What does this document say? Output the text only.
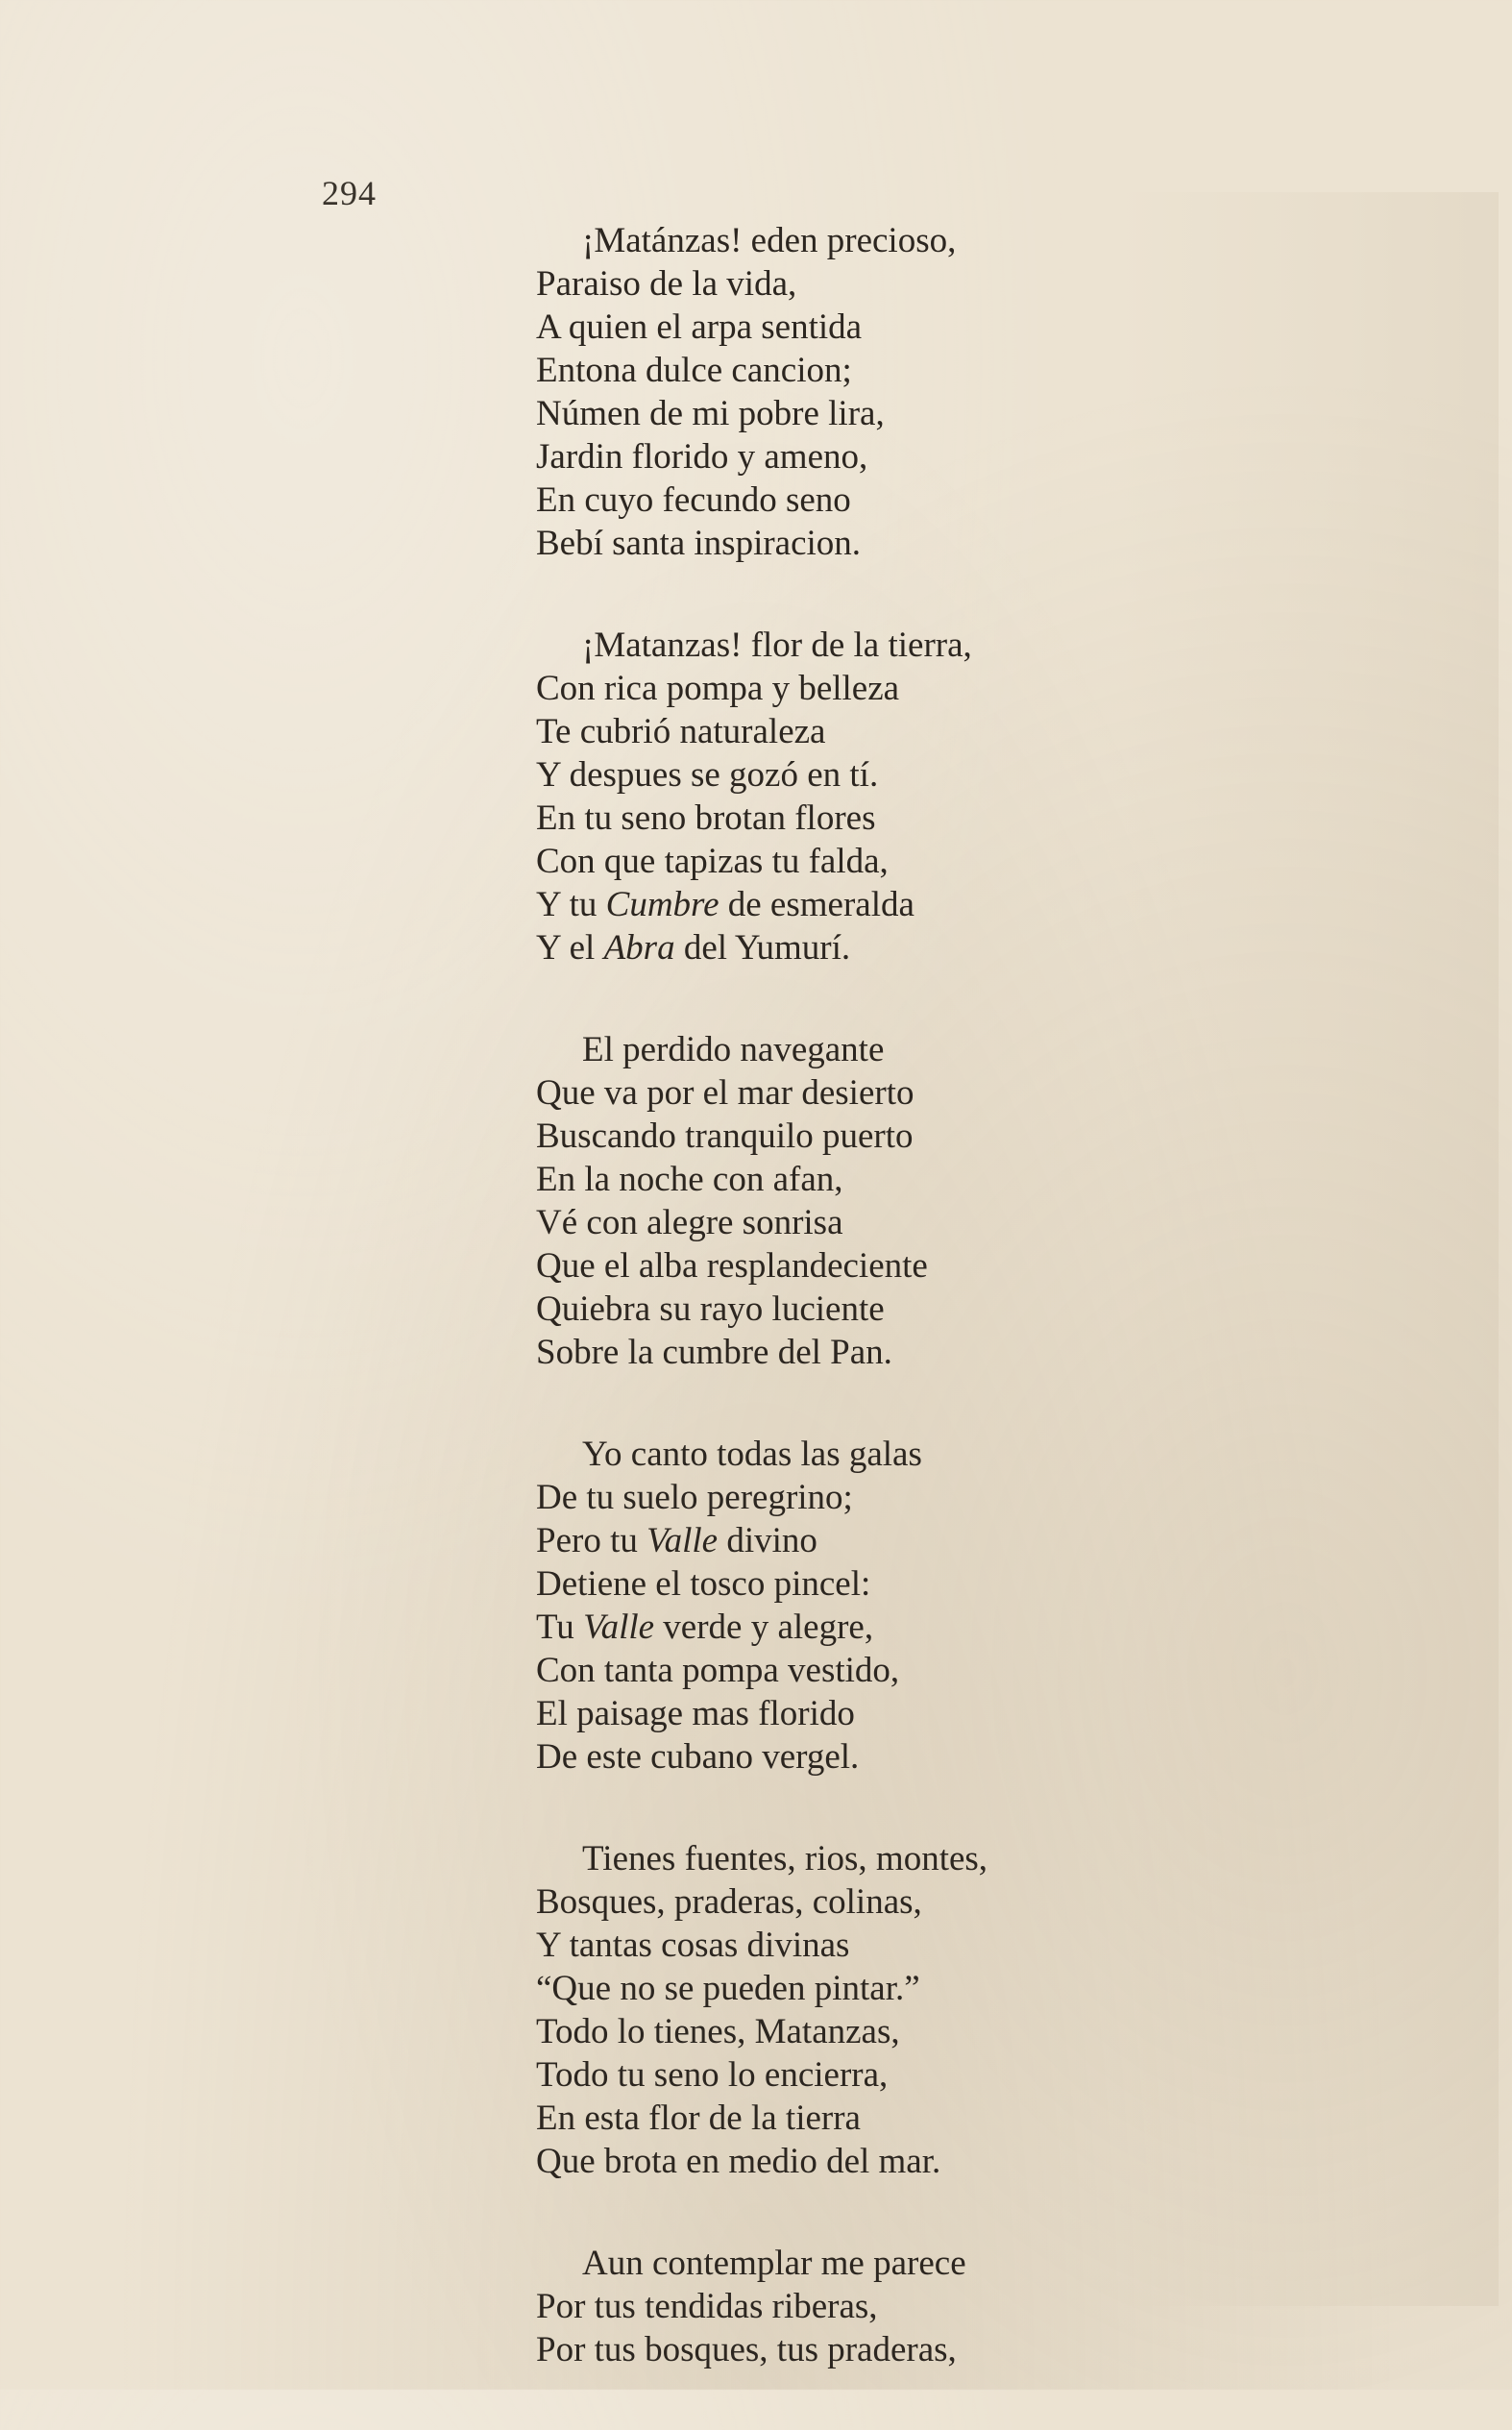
294
¡Matánzas! eden precioso,
Paraiso de la vida,
A quien el arpa sentida
Entona dulce cancion;
Númen de mi pobre lira,
Jardin florido y ameno,
En cuyo fecundo seno
Bebí santa inspiracion.
¡Matanzas! flor de la tierra,
Con rica pompa y belleza
Te cubrió naturaleza
Y despues se gozó en tí.
En tu seno brotan flores
Con que tapizas tu falda,
Y tu Cumbre de esmeralda
Y el Abra del Yumurí.
El perdido navegante
Que va por el mar desierto
Buscando tranquilo puerto
En la noche con afan,
Vé con alegre sonrisa
Que el alba resplandeciente
Quiebra su rayo luciente
Sobre la cumbre del Pan.
Yo canto todas las galas
De tu suelo peregrino;
Pero tu Valle divino
Detiene el tosco pincel:
Tu Valle verde y alegre,
Con tanta pompa vestido,
El paisage mas florido
De este cubano vergel.
Tienes fuentes, rios, montes,
Bosques, praderas, colinas,
Y tantas cosas divinas
“Que no se pueden pintar.”
Todo lo tienes, Matanzas,
Todo tu seno lo encierra,
En esta flor de la tierra
Que brota en medio del mar.
Aun contemplar me parece
Por tus tendidas riberas,
Por tus bosques, tus praderas,
